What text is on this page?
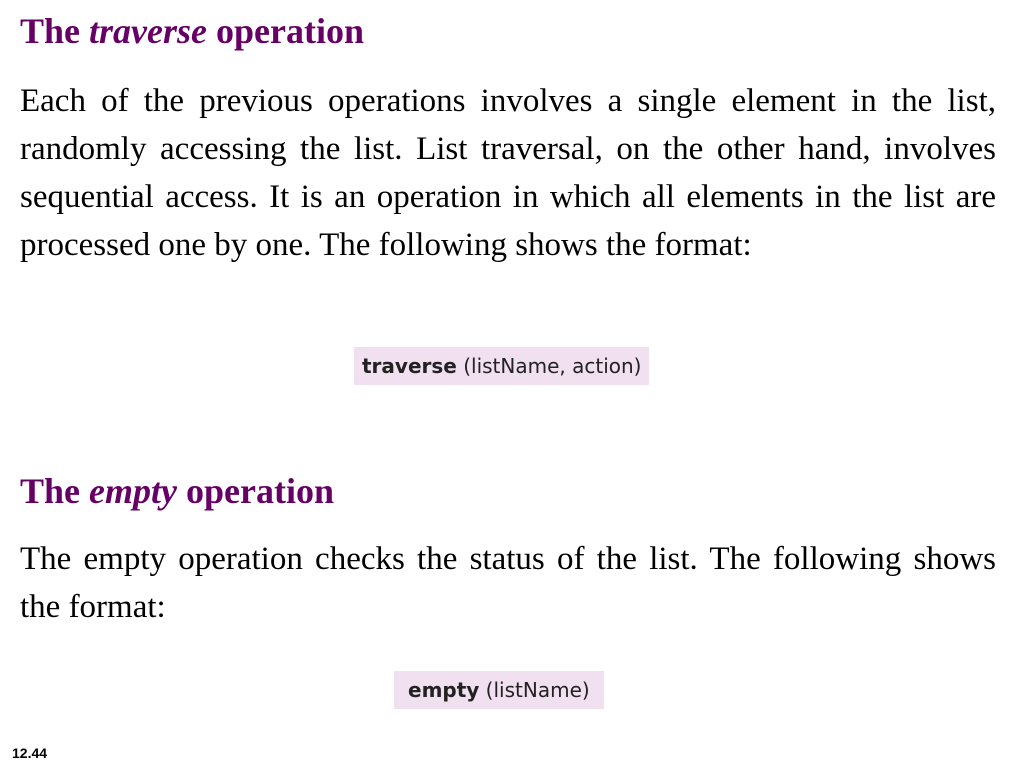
The traverse operation

Each of the previous operations involves a single element in the list, randomly accessing the list. List traversal, on the other hand, involves sequential access. It is an operation in which all elements in the list are processed one by one. The following shows the format:

traverse (listName, action)
The empty operation

The empty operation checks the status of the list. The following shows the format:

empty (listName)
12.44
